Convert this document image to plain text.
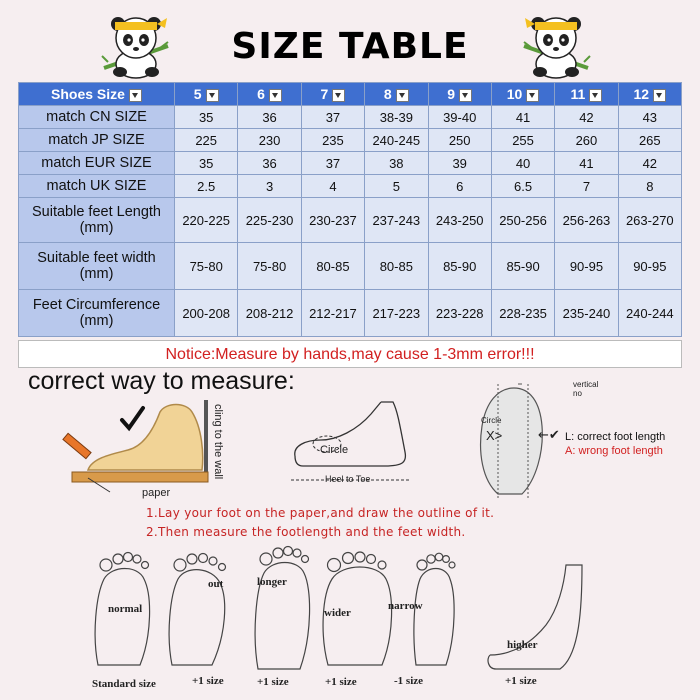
SIZE TABLE
Shoes Size	5	6	7	8	9	10	11	12
match CN SIZE	35	36	37	38-39	39-40	41	42	43
match JP SIZE	225	230	235	240-245	250	255	260	265
match EUR SIZE	35	36	37	38	39	40	41	42
match UK SIZE	2.5	3	4	5	6	6.5	7	8
Suitable feet Length
(mm)	220-225	225-230	230-237	237-243	243-250	250-256	256-263	263-270
Suitable feet width
(mm)	75-80	75-80	80-85	80-85	85-90	85-90	90-95	90-95
Feet Circumference
(mm)	200-208	208-212	212-217	217-223	223-228	228-235	235-240	240-244
Notice:Measure by hands,may cause 1-3mm error!!!
correct way to measure:
paper
cling to the wall	Circle
Heel to Toe
vertical
no
Circle
X>	←✔ L: correct foot length
A: wrong foot length
1.Lay your foot on the paper,and draw the outline of it.
2.Then measure the footlength and the feet width.
normal
out	longer
wider
narrow
higher
Standard size	+1 size	+1 size	+1 size	-1 size	+1 size
